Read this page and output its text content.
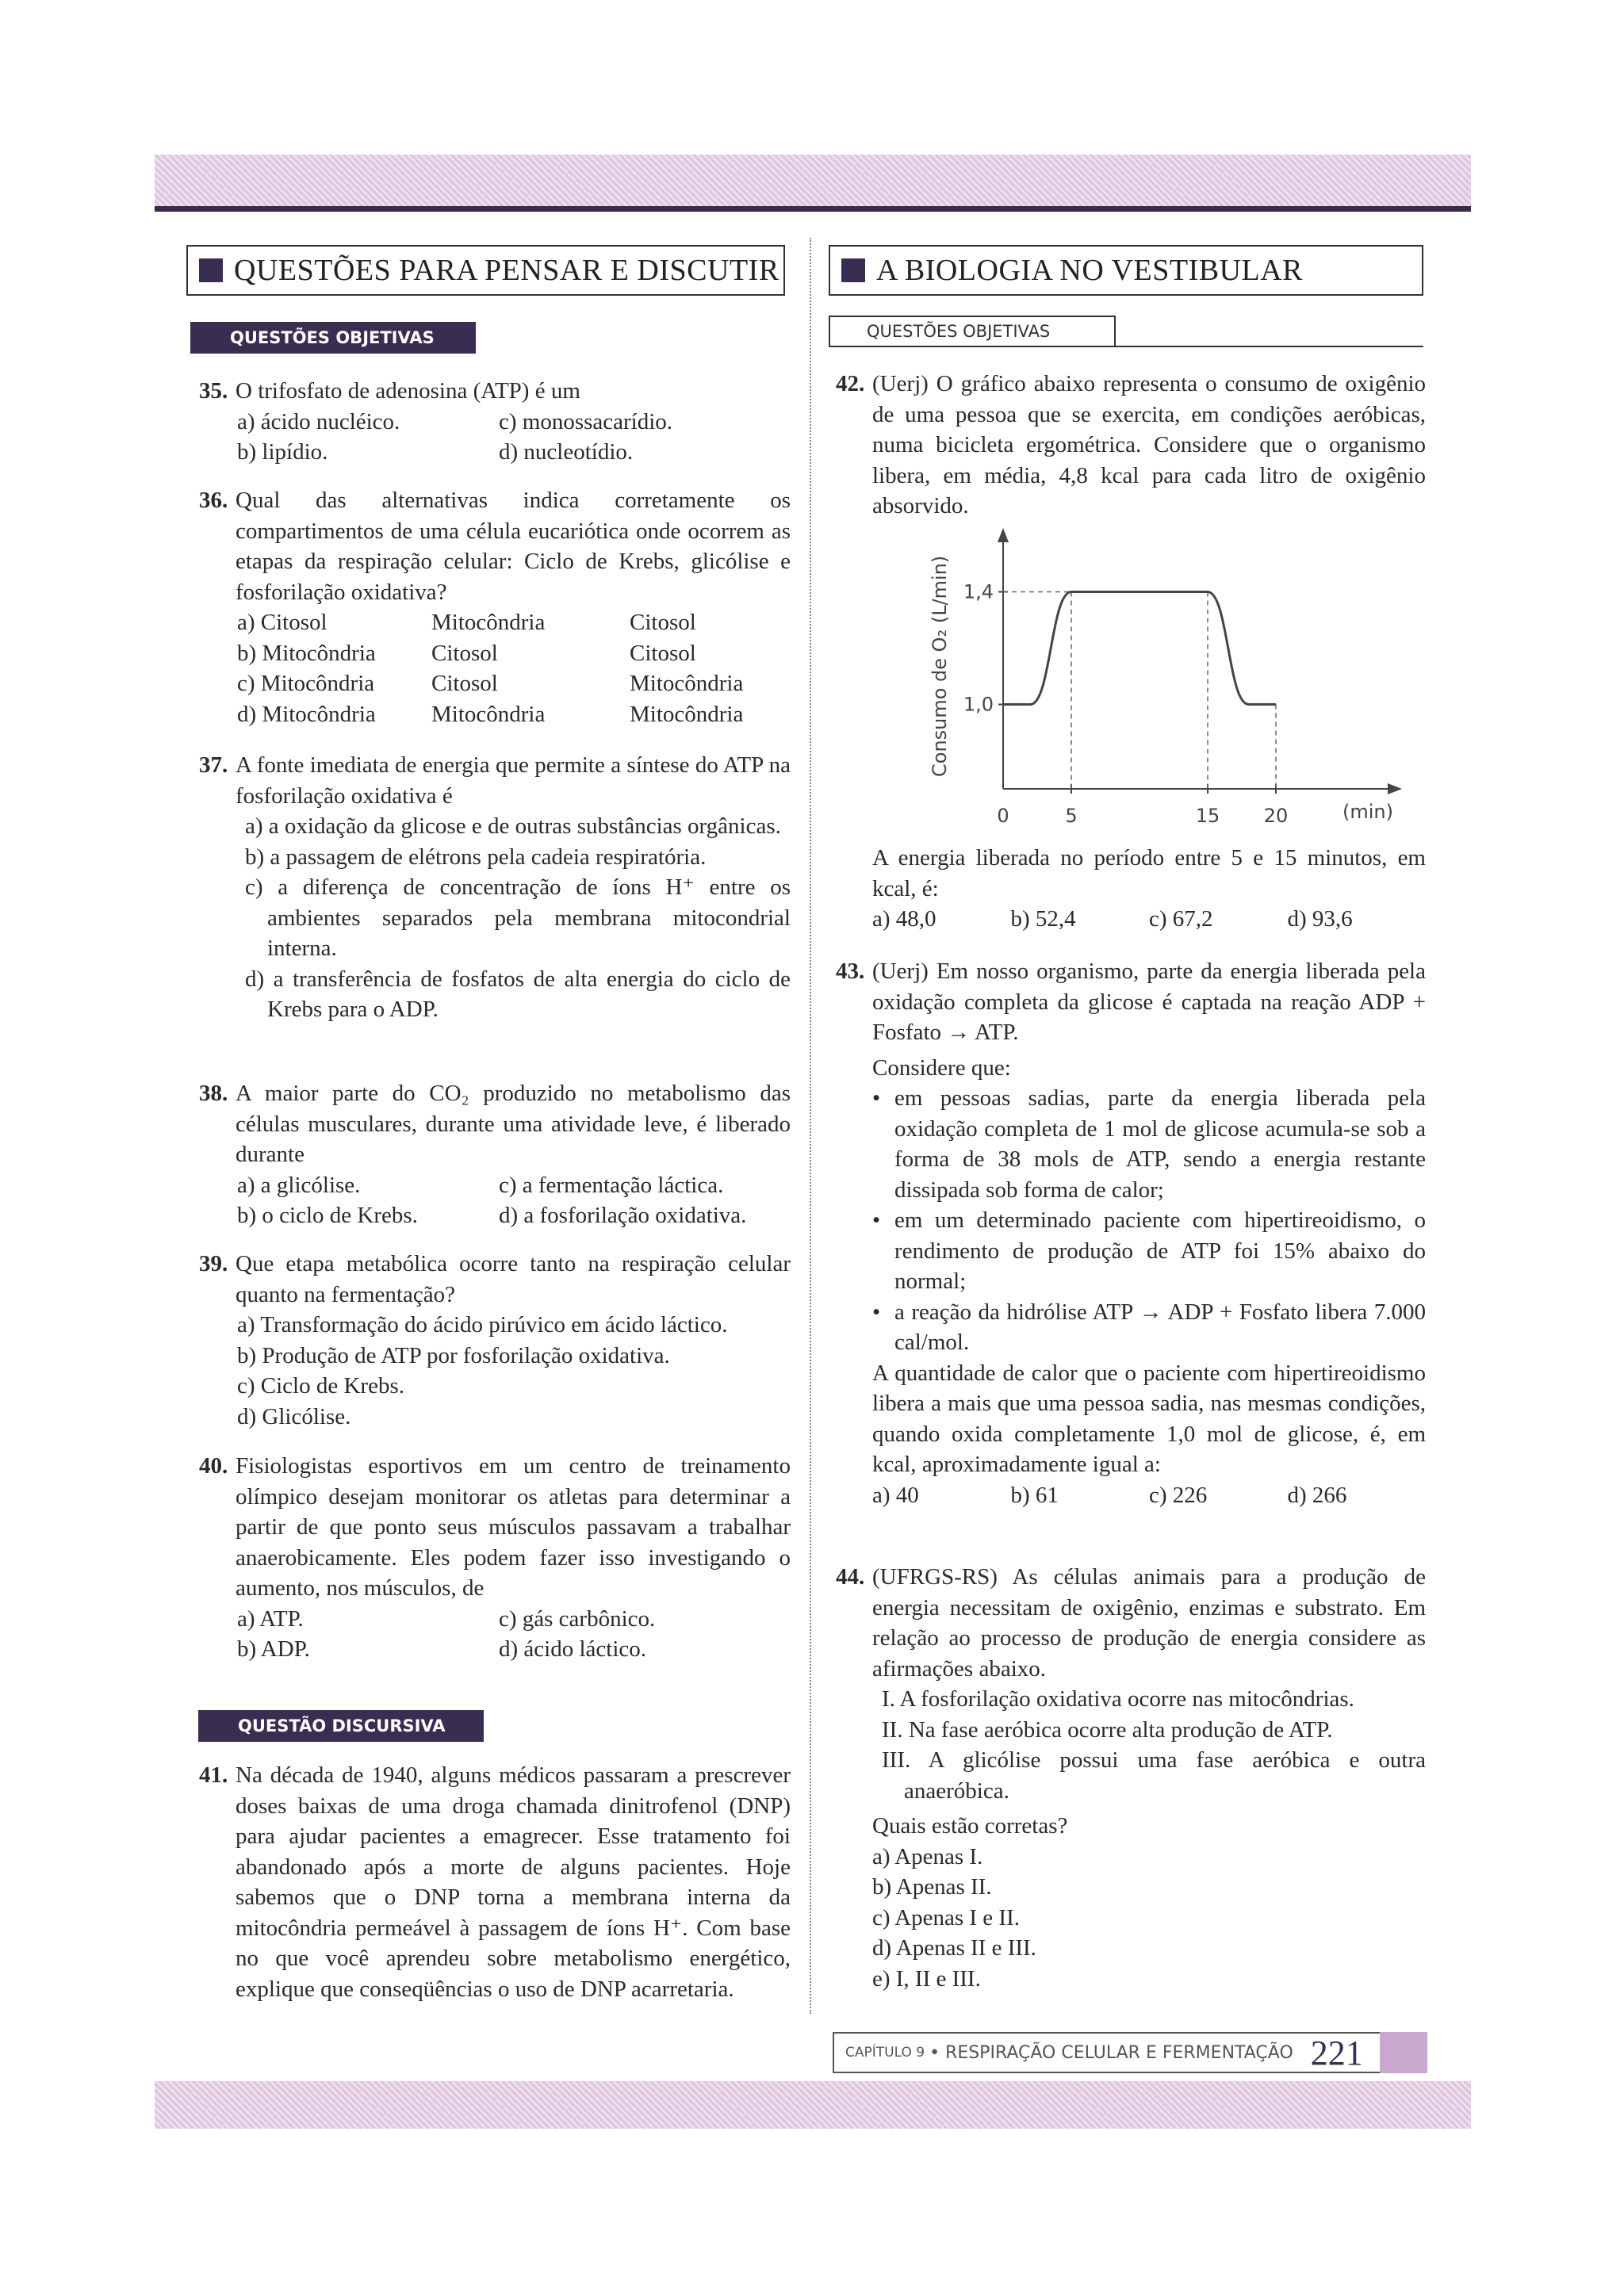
QUESTÕES PARA PENSAR E DISCUTIR
QUESTÕES OBJETIVAS
35. O trifosfato de adenosina (ATP) é um

a) ácido nucléico.	c) monossacarídio.
b) lipídio.	d) nucleotídio.
36. Qual das alternativas indica corretamente os compartimentos de uma célula eucariótica onde ocorrem as etapas da respiração celular: Ciclo de Krebs, glicólise e fosforilação oxidativa?

a) Citosol	Mitocôndria	Citosol
b) Mitocôndria	Citosol	Citosol
c) Mitocôndria	Citosol	Mitocôndria
d) Mitocôndria	Mitocôndria	Mitocôndria
37. A fonte imediata de energia que permite a síntese do ATP na fosforilação oxidativa é

a) a oxidação da glicose e de outras substâncias orgânicas.

b) a passagem de elétrons pela cadeia respiratória.

c) a diferença de concentração de íons H⁺ entre os ambientes separados pela membrana mitocondrial interna.

d) a transferência de fosfatos de alta energia do ciclo de Krebs para o ADP.

38. A maior parte do CO₂ produzido no metabolismo das células musculares, durante uma atividade leve, é liberado durante

a) a glicólise.	c) a fermentação láctica.
b) o ciclo de Krebs.	d) a fosforilação oxidativa.
39. Que etapa metabólica ocorre tanto na respiração celular quanto na fermentação?

a) Transformação do ácido pirúvico em ácido láctico.

b) Produção de ATP por fosforilação oxidativa.

c) Ciclo de Krebs.

d) Glicólise.

40. Fisiologistas esportivos em um centro de treinamento olímpico desejam monitorar os atletas para determinar a partir de que ponto seus músculos passavam a trabalhar anaerobicamente. Eles podem fazer isso investigando o aumento, nos músculos, de

a) ATP.	c) gás carbônico.
b) ADP.	d) ácido láctico.
QUESTÃO DISCURSIVA
41. Na década de 1940, alguns médicos passaram a prescrever doses baixas de uma droga chamada dinitrofenol (DNP) para ajudar pacientes a emagrecer. Esse tratamento foi abandonado após a morte de alguns pacientes. Hoje sabemos que o DNP torna a membrana interna da mitocôndria permeável à passagem de íons H⁺. Com base no que você aprendeu sobre metabolismo energético, explique que conseqüências o uso de DNP acarretaria.

A BIOLOGIA NO VESTIBULAR
QUESTÕES OBJETIVAS
42. (Uerj) O gráfico abaixo representa o consumo de oxigênio de uma pessoa que se exercita, em condições aeróbicas, numa bicicleta ergométrica. Considere que o organismo libera, em média, 4,8 kcal para cada litro de oxigênio absorvido.

0	5	15 20
1,0
1,4
Consumo de O₂ (L/min)
(min)

A energia liberada no período entre 5 e 15 minutos, em kcal, é:

a) 48,0	b) 52,4	c) 67,2	d) 93,6
43. (Uerj) Em nosso organismo, parte da energia liberada pela oxidação completa da glicose é captada na reação ADP + Fosfato → ATP.

Considere que:

• em pessoas sadias, parte da energia liberada pela oxidação completa de 1 mol de glicose acumula-se sob a forma de 38 mols de ATP, sendo a energia restante dissipada sob forma de calor;

• em um determinado paciente com hipertireoidismo, o rendimento de produção de ATP foi 15% abaixo do normal;

• a reação da hidrólise ATP → ADP + Fosfato libera 7.000 cal/mol.

A quantidade de calor que o paciente com hipertireoidismo libera a mais que uma pessoa sadia, nas mesmas condições, quando oxida completamente 1,0 mol de glicose, é, em kcal, aproximadamente igual a:

a) 40	b) 61	c) 226	d) 266
44. (UFRGS-RS) As células animais para a produção de energia necessitam de oxigênio, enzimas e substrato. Em relação ao processo de produção de energia considere as afirmações abaixo.

I. A fosforilação oxidativa ocorre nas mitocôndrias.

II. Na fase aeróbica ocorre alta produção de ATP.

III. A glicólise possui uma fase aeróbica e outra anaeróbica.

Quais estão corretas?

a) Apenas I.

b) Apenas II.

c) Apenas I e II.

d) Apenas II e III.

e) I, II e III.

CAPÍTULO 9 • RESPIRAÇÃO CELULAR E FERMENTAÇÃO 221
